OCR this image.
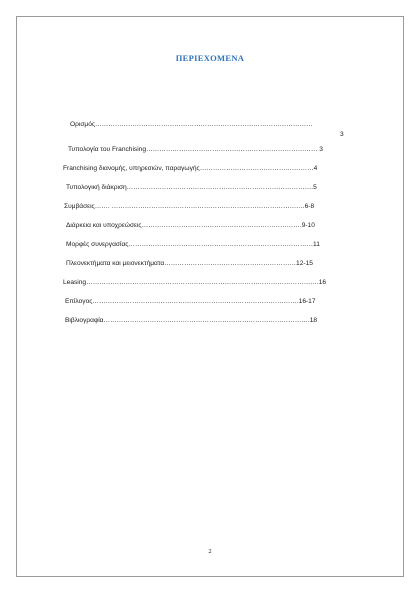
ΠΕΡΙΕΧΟΜΕΝΑ
Ορισμός………………………………………………………………………………………
3
Τυπολογία του Franchising…………………………………………………………………… 3
Franchising διανομής, υπηρεσιών, παραγωγής…………………………………….………4
Τυπολογική διάκριση………………………………………………………………………….5
Συμβάσεις……. ………………………………………………………………………….…6-8
Διάρκεια και υποχρεώσεις……………………………………………………………….9-10
Μορφές συνεργασίας…………………………………………………………………………11
Πλεονεκτήματα και μειονεκτήματα……………………………………………………12-15
Leasing…………………………………………………………………………………………….16
Επίλογος………………………………………………………………………………….16-17
Βιβλιογραφία………………………………………………………………………………….18
2
